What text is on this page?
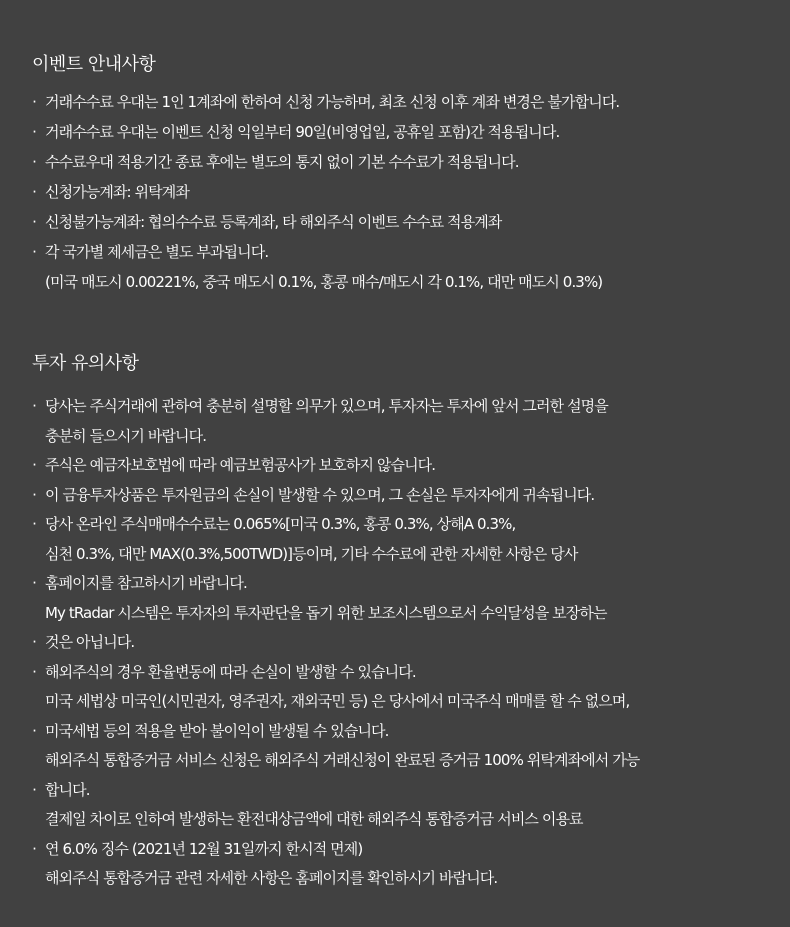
이벤트 안내사항
· 거래수수료 우대는 1인 1계좌에 한하여 신청 가능하며, 최초 신청 이후 계좌 변경은 불가합니다.
· 거래수수료 우대는 이벤트 신청 익일부터 90일(비영업일, 공휴일 포함)간 적용됩니다.
· 수수료우대 적용기간 종료 후에는 별도의 통지 없이 기본 수수료가 적용됩니다.
· 신청가능계좌: 위탁계좌
· 신청불가능계좌: 협의수수료 등록계좌, 타 해외주식 이벤트 수수료 적용계좌
· 각 국가별 제세금은 별도 부과됩니다.
(미국 매도시 0.00221%, 중국 매도시 0.1%, 홍콩 매수/매도시 각 0.1%, 대만 매도시 0.3%)
투자 유의사항
· 당사는 주식거래에 관하여 충분히 설명할 의무가 있으며, 투자자는 투자에 앞서 그러한 설명을
충분히 들으시기 바랍니다.
· 주식은 예금자보호법에 따라 예금보험공사가 보호하지 않습니다.
· 이 금융투자상품은 투자원금의 손실이 발생할 수 있으며, 그 손실은 투자자에게 귀속됩니다.
· 당사 온라인 주식매매수수료는 0.065%[미국 0.3%, 홍콩 0.3%, 상해A 0.3%,
심천 0.3%, 대만 MAX(0.3%,500TWD)]등이며, 기타 수수료에 관한 자세한 사항은 당사
· 홈페이지를 참고하시기 바랍니다.
My tRadar 시스템은 투자자의 투자판단을 돕기 위한 보조시스템으로서 수익달성을 보장하는
· 것은 아닙니다.
· 해외주식의 경우 환율변동에 따라 손실이 발생할 수 있습니다.
미국 세법상 미국인(시민권자, 영주권자, 재외국민 등) 은 당사에서 미국주식 매매를 할 수 없으며,
· 미국세법 등의 적용을 받아 불이익이 발생될 수 있습니다.
해외주식 통합증거금 서비스 신청은 해외주식 거래신청이 완료된 증거금 100% 위탁계좌에서 가능
· 합니다.
결제일 차이로 인하여 발생하는 환전대상금액에 대한 해외주식 통합증거금 서비스 이용료
· 연 6.0% 징수 (2021년 12월 31일까지 한시적 면제)
해외주식 통합증거금 관련 자세한 사항은 홈페이지를 확인하시기 바랍니다.
